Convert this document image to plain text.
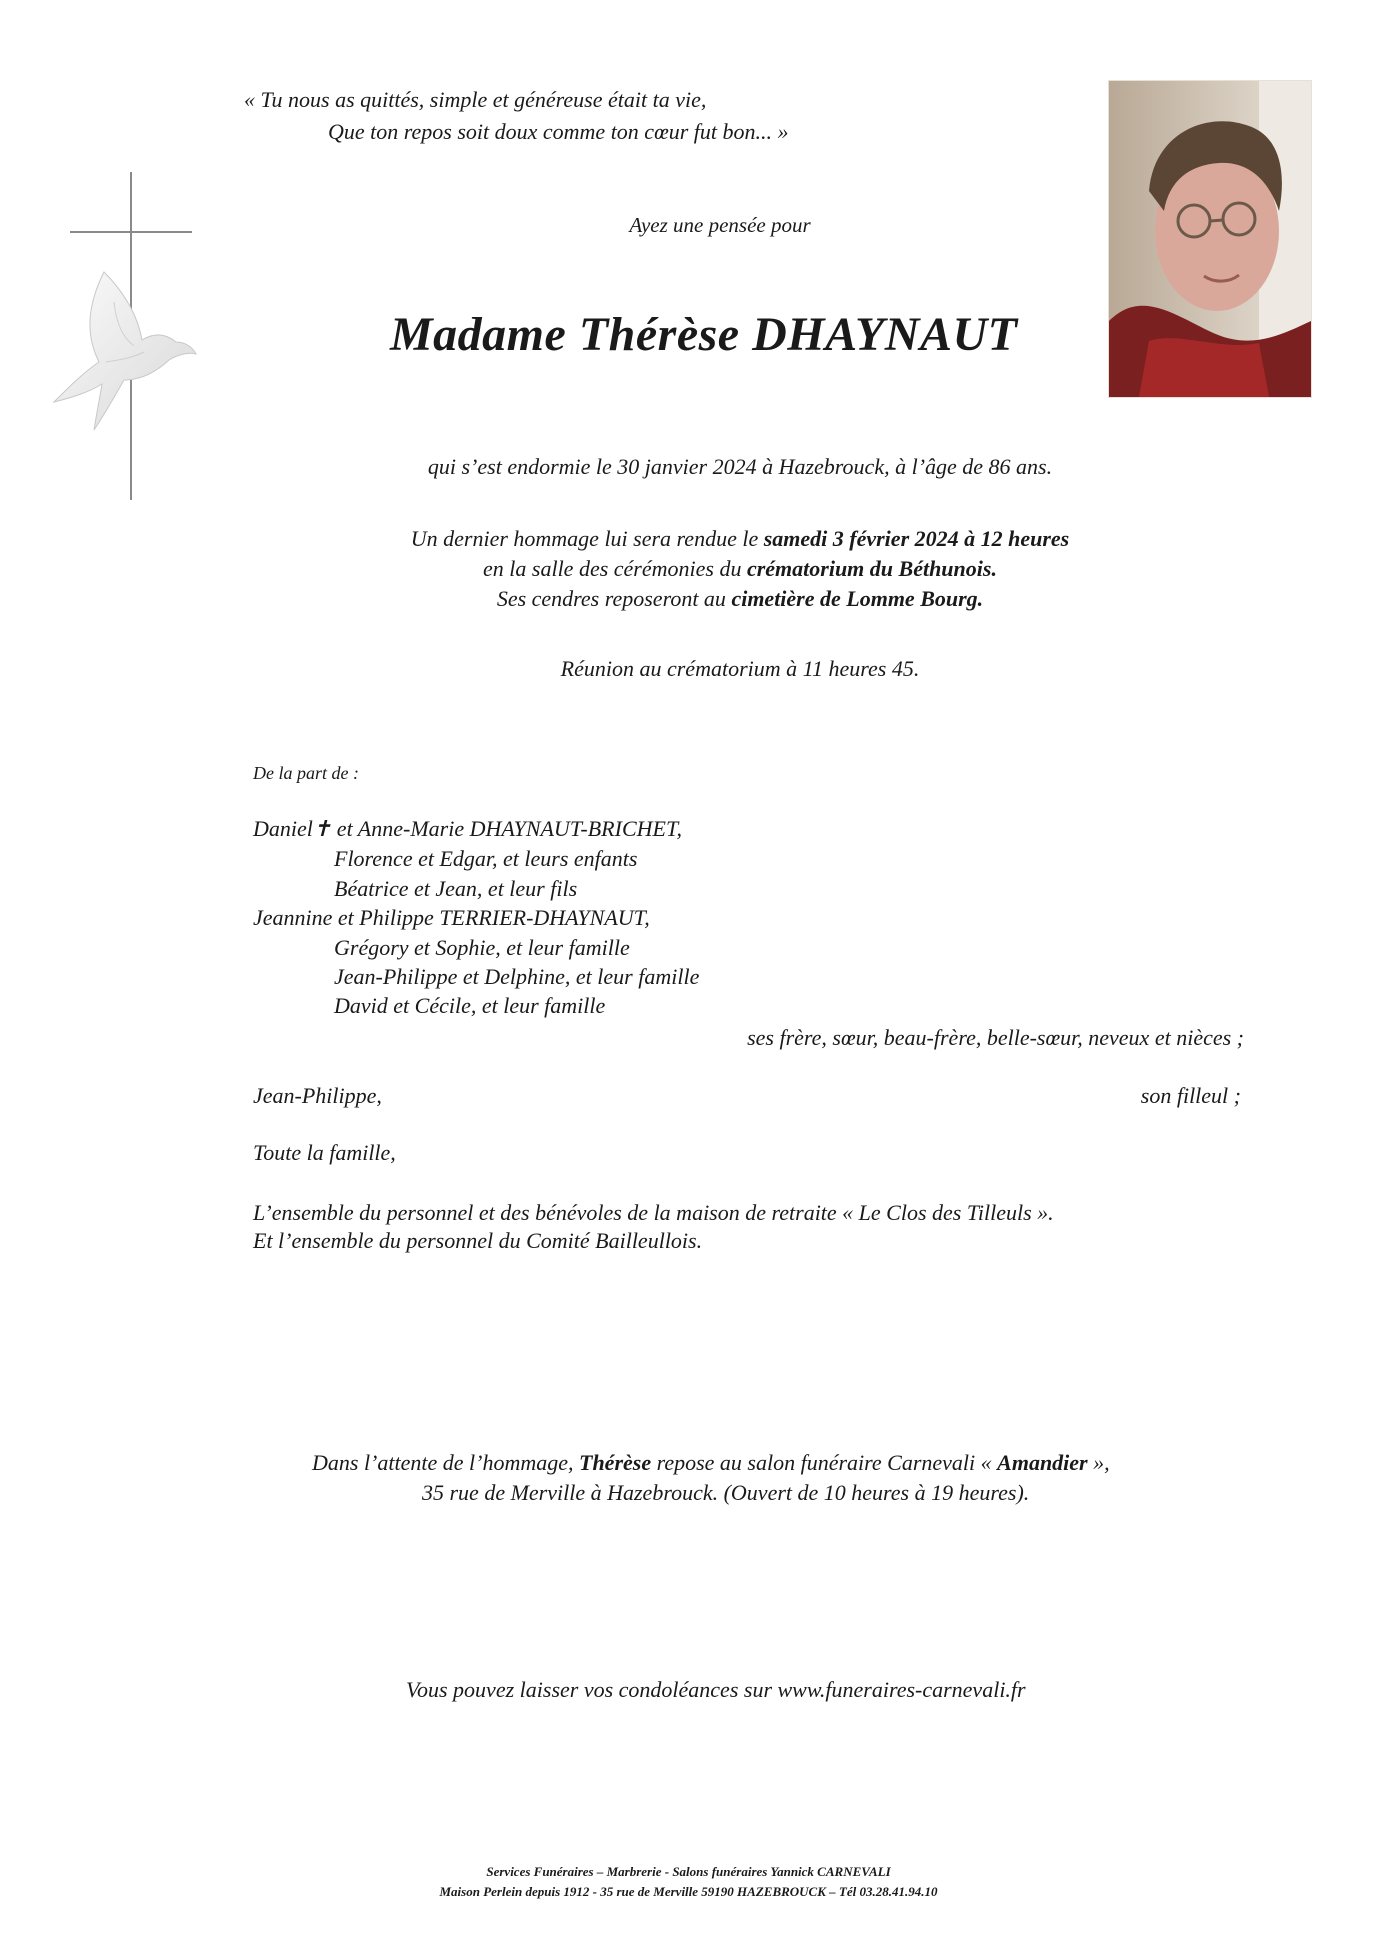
« Tu nous as quittés, simple et généreuse était ta vie,
Que ton repos soit doux comme ton cœur fut bon... »
Ayez une pensée pour
Madame Thérèse DHAYNAUT
qui s’est endormie le 30 janvier 2024 à Hazebrouck, à l’âge de 86 ans.
Un dernier hommage lui sera rendue le samedi 3 février 2024 à 12 heures
en la salle des cérémonies du crématorium du Béthunois.
Ses cendres reposeront au cimetière de Lomme Bourg.
Réunion au crématorium à 11 heures 45.
De la part de :
Daniel✝ et Anne-Marie DHAYNAUT-BRICHET,
Florence et Edgar, et leurs enfants
Béatrice et Jean, et leur fils
Jeannine et Philippe TERRIER-DHAYNAUT,
Grégory et Sophie, et leur famille
Jean-Philippe et Delphine, et leur famille
David et Cécile, et leur famille
ses frère, sœur, beau-frère, belle-sœur, neveux et nièces ;
Jean-Philippe,	son filleul ;
Toute la famille,
L’ensemble du personnel et des bénévoles de la maison de retraite « Le Clos des Tilleuls ».
Et l’ensemble du personnel du Comité Bailleullois.
Dans l’attente de l’hommage, Thérèse repose au salon funéraire Carnevali « Amandier »,
35 rue de Merville à Hazebrouck. (Ouvert de 10 heures à 19 heures).
Vous pouvez laisser vos condoléances sur www.funeraires-carnevali.fr
Services Funéraires – Marbrerie - Salons funéraires Yannick CARNEVALI
Maison Perlein depuis 1912 - 35 rue de Merville 59190 HAZEBROUCK – Tél 03.28.41.94.10
